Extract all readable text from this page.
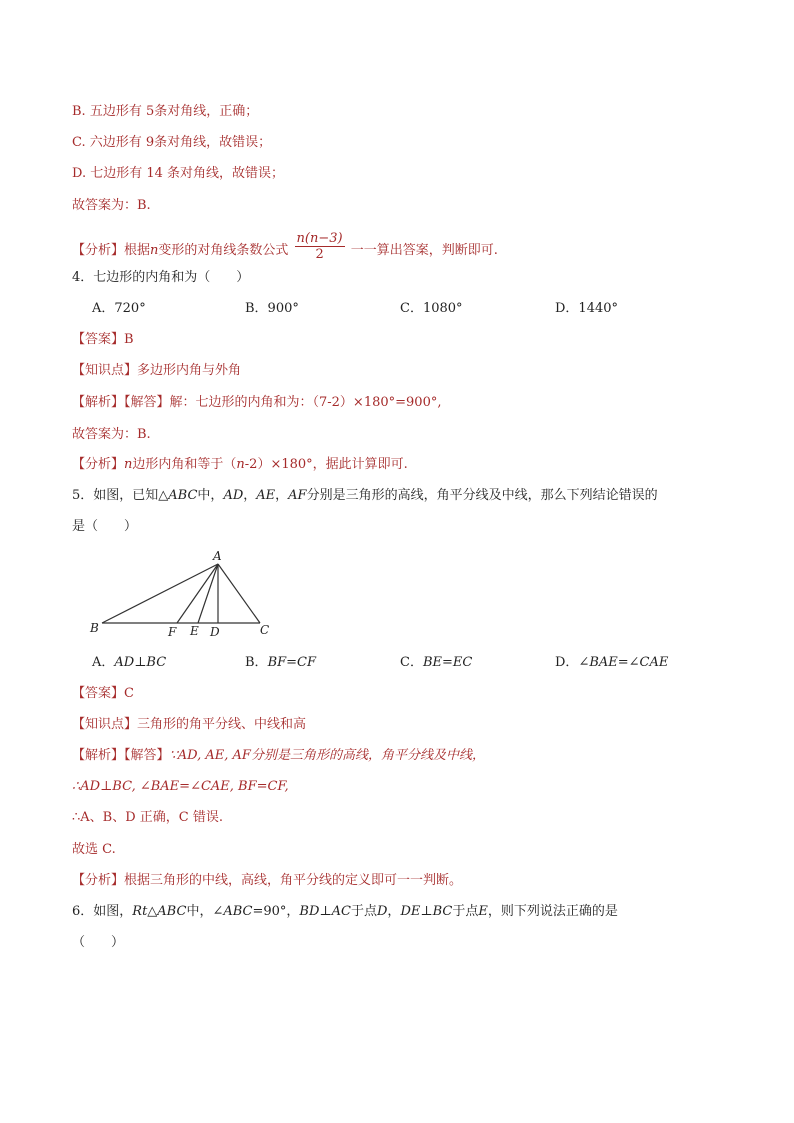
B. 五边形有 5条对角线，正确；
C. 六边形有 9条对角线，故错误；
D. 七边形有 14 条对角线，故错误；
故答案为：B.
【分析】根据n变形的对角线条数公式 $\frac{n(n-3)}{2}$ 一一算出答案，判断即可.
4．七边形的内角和为（　　）
A．720°	B．900°	C．1080°	D．1440°
【答案】B
【知识点】多边形内角与外角
【解析】【解答】解：七边形的内角和为：（7-2）×180°=900°,
故答案为：B.
【分析】n边形内角和等于（n-2）×180°，据此计算即可.
5．如图，已知△ABC中，AD，AE，AF分别是三角形的高线，角平分线及中线，那么下列结论错误的
是（　　）
A
B	C
F E D
A．AD⊥BC	B．BF=CF	C．BE=EC	D．∠BAE=∠CAE
【答案】C
【知识点】三角形的角平分线、中线和高
【解析】【解答】∵AD, AE, AF分别是三角形的高线，角平分线及中线，
∴AD⊥BC, ∠BAE=∠CAE, BF=CF,
∴A、B、D 正确，C 错误.
故选 C.
【分析】根据三角形的中线，高线，角平分线的定义即可一一判断。
6．如图，Rt△ABC中，∠ABC=90°，BD⊥AC于点D，DE⊥BC于点E，则下列说法正确的是
（　　）
